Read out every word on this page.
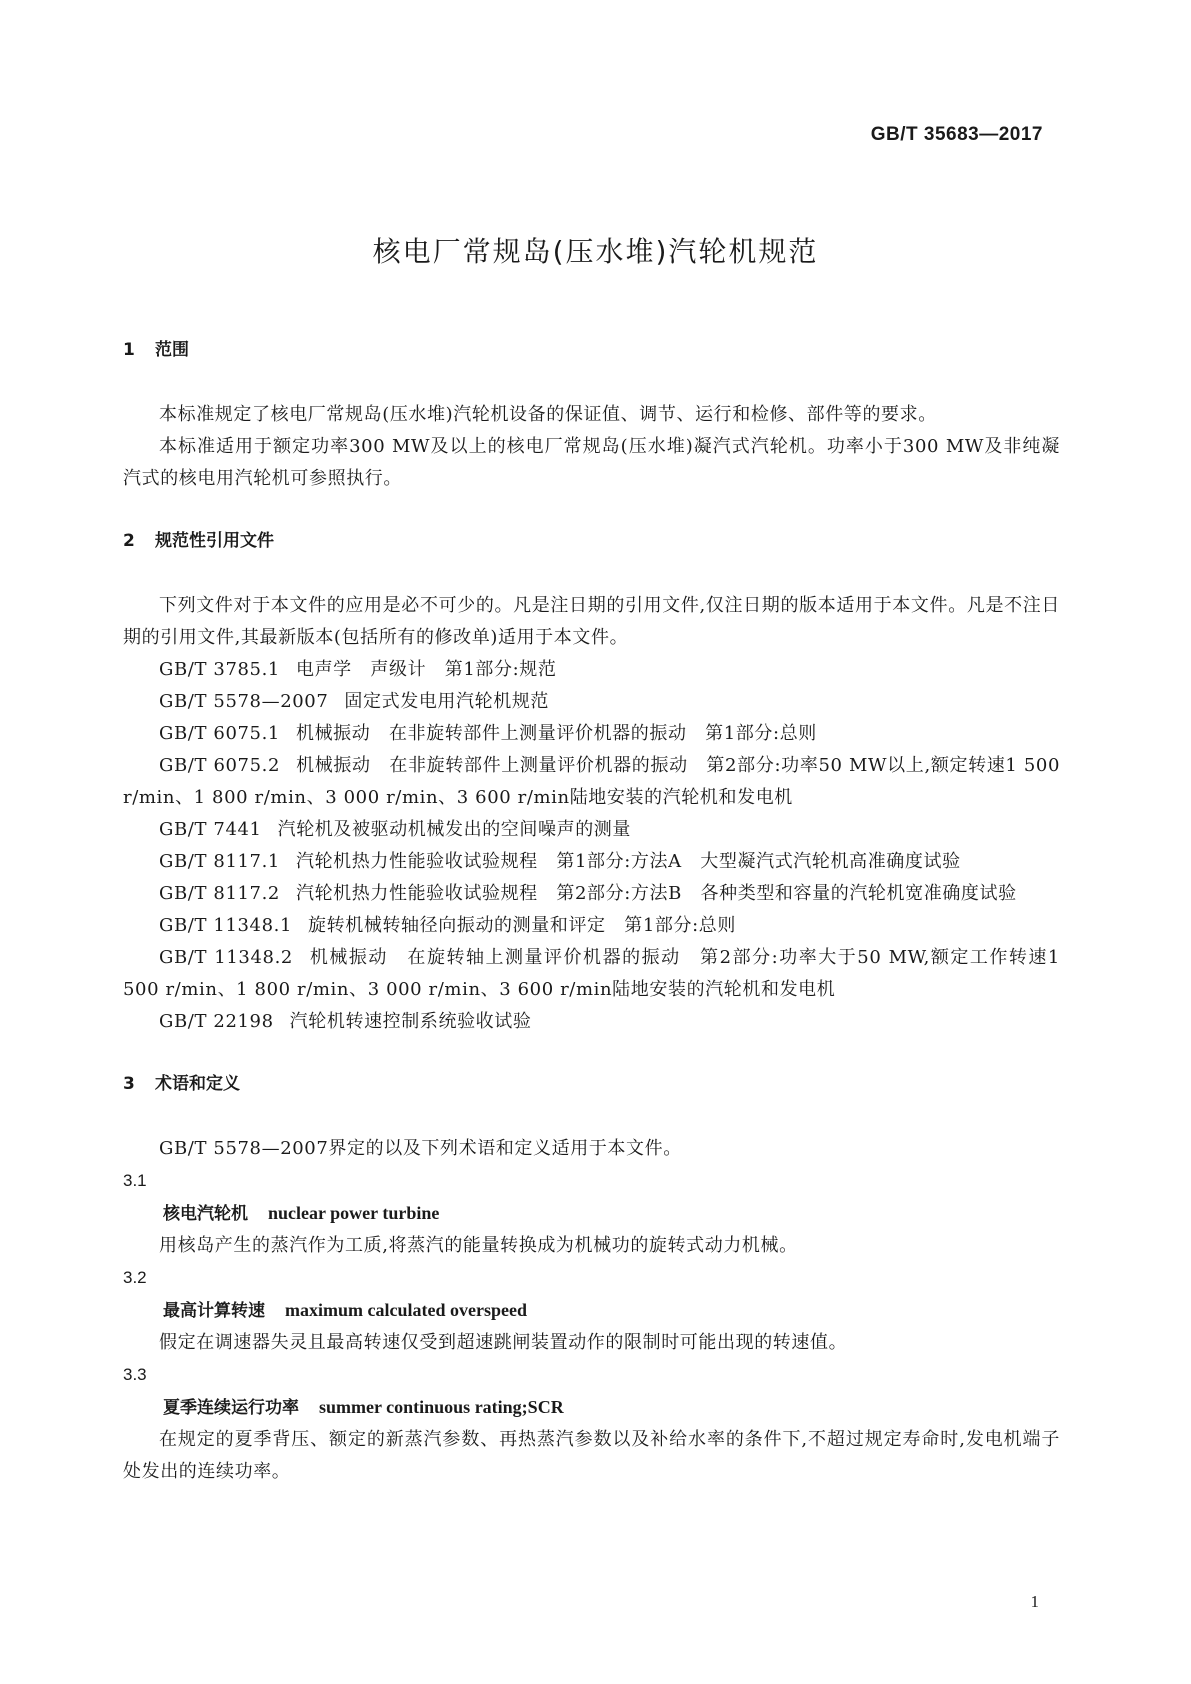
GB/T 35683—2017
核电厂常规岛(压水堆)汽轮机规范
1 范围

本标准规定了核电厂常规岛(压水堆)汽轮机设备的保证值、调节、运行和检修、部件等的要求。

本标准适用于额定功率300 MW及以上的核电厂常规岛(压水堆)凝汽式汽轮机。功率小于300 MW及非纯凝汽式的核电用汽轮机可参照执行。

2 规范性引用文件

下列文件对于本文件的应用是必不可少的。凡是注日期的引用文件,仅注日期的版本适用于本文件。凡是不注日期的引用文件,其最新版本(包括所有的修改单)适用于本文件。

GB/T 3785.1 电声学　声级计　第1部分:规范

GB/T 5578—2007 固定式发电用汽轮机规范

GB/T 6075.1 机械振动　在非旋转部件上测量评价机器的振动　第1部分:总则

GB/T 6075.2 机械振动　在非旋转部件上测量评价机器的振动　第2部分:功率50 MW以上,额定转速1 500 r/min、1 800 r/min、3 000 r/min、3 600 r/min陆地安装的汽轮机和发电机

GB/T 7441 汽轮机及被驱动机械发出的空间噪声的测量

GB/T 8117.1 汽轮机热力性能验收试验规程　第1部分:方法A　大型凝汽式汽轮机高准确度试验

GB/T 8117.2 汽轮机热力性能验收试验规程　第2部分:方法B　各种类型和容量的汽轮机宽准确度试验

GB/T 11348.1 旋转机械转轴径向振动的测量和评定　第1部分:总则

GB/T 11348.2 机械振动　在旋转轴上测量评价机器的振动　第2部分:功率大于50 MW,额定工作转速1 500 r/min、1 800 r/min、3 000 r/min、3 600 r/min陆地安装的汽轮机和发电机

GB/T 22198 汽轮机转速控制系统验收试验

3 术语和定义

GB/T 5578—2007界定的以及下列术语和定义适用于本文件。

3.1

核电汽轮机 nuclear power turbine

用核岛产生的蒸汽作为工质,将蒸汽的能量转换成为机械功的旋转式动力机械。

3.2

最高计算转速 maximum calculated overspeed

假定在调速器失灵且最高转速仅受到超速跳闸装置动作的限制时可能出现的转速值。

3.3

夏季连续运行功率 summer continuous rating;SCR

在规定的夏季背压、额定的新蒸汽参数、再热蒸汽参数以及补给水率的条件下,不超过规定寿命时,发电机端子处发出的连续功率。

1
